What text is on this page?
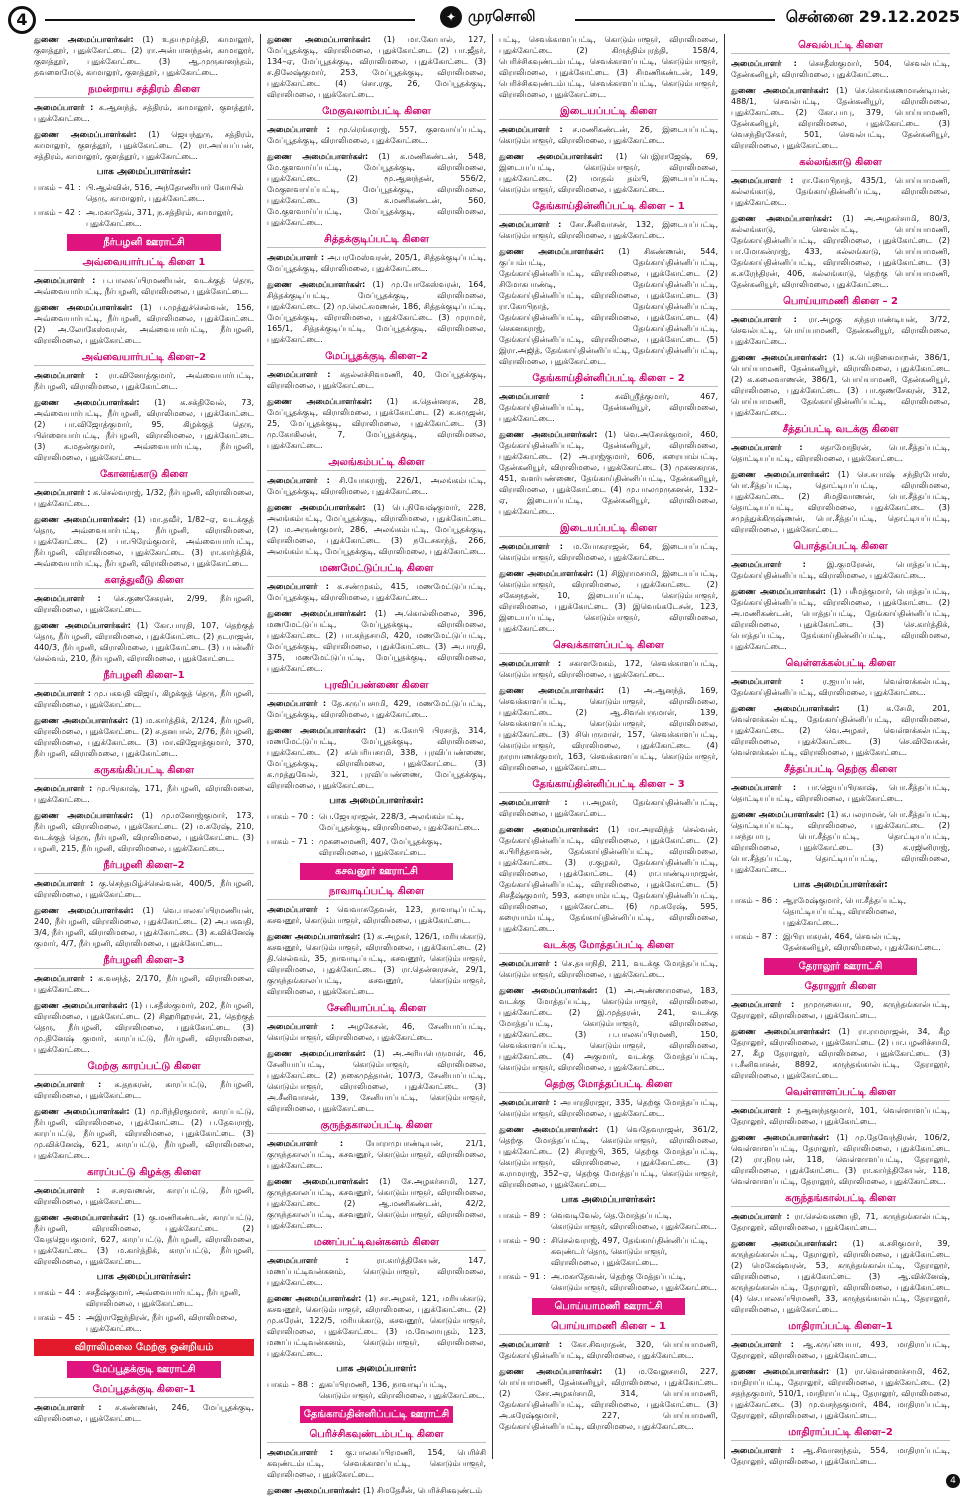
4	✦ முரசொலி	சென்னை 29.12.2025
துணை அமைப்பாளர்கள்: (1) உதயமூர்த்தி, காமாலூர், குளத்தூர், புதுக்கோட்டை (2) ரா.அன்பானந்தன், காமாலூர், குளத்தூர், புதுக்கோட்டை (3) ஆ.முருகானந்தம், தவளைமேடு, காமாலூர், குளத்தூர், புதுக்கோட்டை.
நமன்றாய சத்திரம் கிளை
அமைப்பாளர் : க.ஆனந்த், சத்திரம், காமாலூர், குளத்தூர், புதுக்கோட்டை.
துணை அமைப்பாளர்கள்: (1) ஜெயந்துரு, சத்திரம், காமாலூர், குளத்தூர், புதுக்கோட்டை (2) ரா.அய்யப்பன், சத்திரம், காமாலூர், குளத்தூர், புதுக்கோட்டை.
பாக அமைப்பாளர்கள்:
பாகம் – 41 : பி.ஆல்வின், 516, அந்தோணியார் கோயில் தெரு, காமாலூர், புதுக்கோட்டை.
பாகம் – 42 : அ.மகாதேவ், 371, ந.சத்திரம், காமாலூர், புதுக்கோட்டை.
நீர்பழனி ஊராட்சி
அவ்வையார்பட்டி கிளை 1
அமைப்பாளர் : ப.பாலசுப்பிரமணியன், வடக்குத் தெரு, அவ்வையார்பட்டி, நீர்பழனி, விராலிமலை, புதுக்கோட்டை.
துணை அமைப்பாளர்கள்: (1) ப.முத்துச்செல்வன், 156, அவ்வையார்பட்டி, நீர்பழனி, விராலிமலை, புதுக்கோட்டை (2) அ.லோகேஸ்வரன், அவ்வையார்பட்டி, நீர்பழனி, விராலிமலை, புதுக்கோட்டை.
அவ்வையார்பட்டி கிளை–2
அமைப்பாளர் : ரா.வினோத்குமார், அவ்வையார்பட்டி, நீர்பழனி, விராலிமலை, புதுக்கோட்டை.
துணை அமைப்பாளர்கள்: (1) க.சக்திவேல், 73, அவ்வையார்பட்டி, நீர்பழனி, விராலிமலை, புதுக்கோட்டை (2) பா.விஜோத்குமார், 95, கிழக்குத் தெரு, பிள்ளையார்பட்டி, நீர்பழனி, விராலிமலை, புதுக்கோட்டை (3) க.மதன்குமார், அவ்வையார்பட்டி, நீர்பழனி, விராலிமலை, புதுக்கோட்டை.
கோனங்காடு கிளை
அமைப்பாளர் : க.செல்வராஜ், 1/32, நீர்பழனி, விராலிமலை, புதுக்கோட்டை.
துணை அமைப்பாளர்கள்: (1) மா.தவீர், 1/82–ஏ, வடக்குத் தெரு, அவ்வையார்பட்டி, நீர்பழனி, விராலிமலை, புதுக்கோட்டை (2) பா.பிரேம்குமார், அவ்வையார்பட்டி, நீர்பழனி, விராலிமலை, புதுக்கோட்டை (3) ரா.கார்த்திக், அவ்வையார்பட்டி, நீர்பழனி, விராலிமலை, புதுக்கோட்டை.
களத்துவீடு கிளை
அமைப்பாளர் : செ.குணசேகரன், 2/99, நீர்பழனி, விராலிமலை, புதுக்கோட்டை.
துணை அமைப்பாளர்கள்: (1) கோ.பாரதி, 107, தெற்குத் தெரு, நீர்பழனி, விராலிமலை, புதுக்கோட்டை (2) நடராஜன், 440/3, நீர்பழனி, விராலிமலை, புதுக்கோட்டை (3) பபன்னீர் செல்வம், 210, நீர்பழனி, விராலிமலை, புதுக்கோட்டை.
நீர்பழனி கிளை–1
அமைப்பாளர் : மு.பகவதி விஜய், கிழக்குத் தெரு, நீர்பழனி, விராலிமலை, புதுக்கோட்டை.
துணை அமைப்பாளர்கள்: (1) ம.கார்த்திக், 2/124, நீர்பழனி, விராலிமலை, புதுக்கோட்டை (2) ச.தனபால், 2/76, நீர்பழனி, விராலிமலை, புதுக்கோட்டை (3) மா.விஜோத்குமார், 370, நீர்பழனி, விராலிமலை, புதுக்கோட்டை.
கருகங்கிப்பட்டி கிளை
அமைப்பாளர் : மு.பிரகாஷ், 171, நீர்பழனி, விராலிமலை, புதுக்கோட்டை.
துணை அமைப்பாளர்கள்: (1) மு.மனோஜ்குமார், 173, நீர்பழனி, விராலிமலை, புதுக்கோட்டை (2) ம.சுரேஷ், 210, வடக்குத் தெரு, நீர்பழனி, விராலிமலை, புதுக்கோட்டை (3) பழனி, 215, நீர்பழனி, விராலிமலை, புதுக்கோட்டை.
நீர்பழனி கிளை–2
அமைப்பாளர் : கு.செந்தமிழ்ச்செல்வன், 400/5, நீர்பழனி, விராலிமலை, புதுக்கோட்டை.
துணை அமைப்பாளர்கள்: (1) வெ.பாலசுப்பிரமணியன், 240, நீர்பழனி, விராலிமலை, புதுக்கோட்டை (2) அ.பகவதி, 3/4, நீர்பழனி, விராலிமலை, புதுக்கோட்டை (3) க.விக்னேஷ் குமார், 4/7, நீர்பழனி, விராலிமலை, புதுக்கோட்டை.
நீர்பழனி கிளை–3
அமைப்பாளர் : க.வசந்த், 2/170, நீர்பழனி, விராலிமலை, புதுக்கோட்டை.
துணை அமைப்பாளர்கள்: (1) ப.சதீஸ்குமார், 202, நீர்பழனி, விராலிமலை, புதுக்கோட்டை (2) சிஹரிஹரன், 21, தெற்குத் தெரு, நீர்பழனி, விராலிமலை, புதுக்கோட்டை (3) மு.தினேஷ் குமார், காரப்பட்டு, நீர்பழனி, விராலிமலை, புதுக்கோட்டை.
மேற்கு காரப்பட்டு கிளை
அமைப்பாளர் : க.தநகரன், காரப்பட்டு, நீர்பழனி, விராலிமலை, புதுக்கோட்டை.
துணை அமைப்பாளர்கள்: (1) மு.ரிந்திரகுமார், காரப்பட்டு, நீர்பழனி, விராலிமலை, புதுக்கோட்டை (2) ப.தேவராஜ், காரப்பட்டு, நீர்பழனி, விராலிமலை, புதுக்கோட்டை (3) மு.விக்னேஷ், 621, காரப்பட்டு, நீர்பழனி, விராலிமலை, புதுக்கோட்டை.
காரப்பட்டு கிழக்கு கிளை
அமைப்பாளர் : ச.சரவணன், காரப்பட்டு, நீர்பழனி, விராலிமலை, புதுக்கோட்டை.
துணை அமைப்பாளர்கள்: (1) கு.மணிகண்டன், காரப்பட்டு, நீர்பழனி, விராலிமலை, புதுக்கோட்டை (2) வேதஜெயகுமார், 627, காரப்பட்டு, நீர்பழனி, விராலிமலை, புதுக்கோட்டை (3) ம.கார்த்திக், காரப்பட்டு, நீர்பழனி, விராலிமலை, புதுக்கோட்டை.
பாக அமைப்பாளர்கள்:
பாகம் – 44 : சசதீஷ்குமார், அவ்வையார்பட்டி, நீர்பழனி, விராலிமலை, புதுக்கோட்டை.
பாகம் – 45 : அஇராஜேந்திரன், நீர்பழனி, விராலிமலை, புதுக்கோட்டை.
விராலிமலை மேற்கு ஒன்றியம்
மேப்பூதக்குடி ஊராட்சி
மேப்பூதக்குடி கிளை–1
அமைப்பாளர் : ச.கண்ணன், 246, மேப்பூதக்குடி, விராலிமலை, புதுக்கோட்டை.
துணை அமைப்பாளர்கள்: (1) மா.கோபால், 127, மேப்பூதக்குடி, விராலிமலை, புதுக்கோட்டை (2) பா.ஜீதர், 134–ஏ, மேப்பூதக்குடி, விராலிமலை, புதுக்கோட்டை (3) ச.திலேஷ்குமார், 253, மேப்பூதக்குடி, விராலிமலை, புதுக்கோட்டை (4) சொ.ரகு, 26, மேப்பூதக்குடி, விராலிமலை, புதுக்கோட்டை.
மேகுவலாம்பட்டி கிளை
அமைப்பாளர் : மூ.ரெங்கராஜ், 557, குளவாய்ப்பட்டி, மேப்பூதக்குடி, விராலிமலை, புதுக்கோட்டை.
துணை அமைப்பாளர்கள்: (1) க.மணிகண்டன், 548, மே.குளவாய்ப்பட்டி, மேப்பூதக்குடி, விராலிமலை, புதுக்கோட்டை (2) மூ.ஆனந்தன், 556/2, மேகுளவாய்ப்பட்டி, மேப்பூதக்குடி, விராலிமலை, புதுக்கோட்டை (3) க.மணிகண்டன், 560, மே.குளவாய்ப்பட்டி, மேப்பூதக்குடி, விராலிமலை, புதுக்கோட்டை.
சித்தக்குடிப்பட்டி கிளை
அமைப்பாளர் : அ.பரமேஸ்வரன், 205/1, சித்தக்குடிப்பட்டி, மேப்பூதக்குடி, விராலிமலை, புதுக்கோட்டை.
துணை அமைப்பாளர்கள்: (1) மு.யோகேஸ்வரன், 164, சித்தக்குடிப்பட்டி, மேப்பூதக்குடி, விராலிமலை, புதுக்கோட்டை (2) மு.லெட்சுமணன், 186, சித்தக்குடிப்பட்டி, மேப்பூதக்குடி, விராலிமலை, புதுக்கோட்டை (3) முராமர், 165/1, சித்தக்குடிப்பட்டி, மேப்பூதக்குடி, விராலிமலை, புதுக்கோட்டை.
மேப்பூதக்குடி கிளை–2
அமைப்பாளர் : கதல்லச்சிவமணி, 40, மேப்பூதக்குடி, விராலிமலை, புதுக்கோட்டை.
துணை அமைப்பாளர்கள்: (1) க.தென்னரசு, 28, மேப்பூதக்குடி, விராலிமலை, புதுக்கோட்டை (2) க.சுருஜன், 25, மேப்பூதக்குடி, விராலிமலை, புதுக்கோட்டை (3) மு.கோகிலன், 7, மேப்பூதக்குடி, விராலிமலை, புதுக்கோட்டை.
அலங்கம்பட்டி கிளை
அமைப்பாளர் : சி.யோகராஜ், 226/1, அலங்கம்பட்டி, மேப்பூதக்குடி, விராலிமலை, புதுக்கோட்டை.
துணை அமைப்பாளர்கள்: (1) பெ.நிவேஷ்குமார், 228, அலங்கம்பட்டி, மேப்பூதக்குடி, விராலிமலை, புதுக்கோட்டை (2) ம.அருண்குமார், 286, அலங்கம்பட்டி, மேப்பூதக்குடி, விராலிமலை, புதுக்கோட்டை (3) நடேசகாந்த், 266, அலங்கம்பட்டி, மேப்பூதக்குடி, விராலிமலை, புதுக்கோட்டை.
மணமேட்டுப்பட்டி கிளை
அமைப்பாளர் : க.சண்முகம், 415, மணமேட்டுப்பட்டி, மேப்பூதக்குடி, விராலிமலை, புதுக்கோட்டை.
துணை அமைப்பாளர்கள்: (1) அ.கொல்லிமலை, 396, மணமேட்டுப்பட்டி, மேப்பூதக்குடி, விராலிமலை, புதுக்கோட்டை (2) பா.கந்தசாமி, 420, மணமேட்டுப்பட்டி, மேப்பூதக்குடி, விராலிமலை, புதுக்கோட்டை (3) அ.பாரதி, 375, மணமேட்டுப்பட்டி, மேப்பூதக்குடி, விராலிமலை, புதுக்கோட்டை.
புரவிப்பண்ணை கிளை
அமைப்பாளர் : தே.கருப்பசாமி, 429, மணமேட்டுப்பட்டி, மேப்பூதக்குடி, விராலிமலை, புதுக்கோட்டை.
துணை அமைப்பாளர்கள்: (1) க.கோபி பிரசாத், 314, மணமேட்டுப்பட்டி, மேப்பூதக்குடி, விராலிமலை, புதுக்கோட்டை (2) சுபெரியசாமி, 338, புரவிப்பண்ணை, மேப்பூதக்குடி, விராலிமலை, புதுக்கோட்டை (3) க.முத்துவேல், 321, புரவிப்பண்ணை, மேப்பூதக்குடி, விராலிமலை, புதுக்கோட்டை.
பாக அமைப்பாளர்கள்:
பாகம் – 70 : பெ.ஜேயராஜன், 228/3, அலங்கம்பட்டி, மேப்பூதக்குடி, விராலிமலை, புதுக்கோட்டை.
பாகம் – 71 : முகலைமணி, 407, மேப்பூதக்குடி, விராலிமலை, புதுக்கோட்டை.
கசவனூர் ஊராட்சி
நாவாடிப்பட்டி கிளை
அமைப்பாளர் : வெவாசுதேவன், 123, நாவாடிப்பட்டி, கசவனூர், கொடும்பாளூர், விராலிமலை, புதுக்கோட்டை.
துணை அமைப்பாளர்கள்: (1) க.அழகர், 126/1, மரியக்காடு, கசவனூர், கொடும்பாளூர், விராலிமலை, புதுக்கோட்டை (2) தி.செல்வம், 35, நாவாடிப்பட்டி, கசவனூர், கொடும்பாளூர், விராலிமலை, புதுக்கோட்டை (3) ரா.தென்னரசன், 29/1, குருந்தங்காலப்பட்டி, கசவனூர், கொடும்பாளூர், விராலிமலை, புதுக்கோட்டை.
சேனியாப்பட்டி கிளை
அமைப்பாளர் : அழகேசன், 46, சேனியாப்பட்டி, கொடும்பாளூர், விராலிமலை, புதுக்கோட்டை.
துணை அமைப்பாளர்கள்: (1) அ.அரியபெருமாள், 46, சேனியாப்பட்டி, கொடும்பாளூர், விராலிமலை, புதுக்கோட்டை (2) நகைமுத்தான், 107/3, சேனியாப்பட்டி, கொடும்பாளூர், விராலிமலை, புதுக்கோட்டை (3) அ.சீனிவாசன், 139, சேனியாப்பட்டி, கொடும்பாளூர், விராலிமலை, புதுக்கோட்டை.
குருந்தகாலப்பட்டி கிளை
அமைப்பாளர் :	யோராமுபாண்டியன், 21/1, குருந்தகாலப்பட்டி, கசவனூர், கொடும்பாளூர், விராலிமலை, புதுக்கோட்டை.
துணை அமைப்பாளர்கள்: (1) சே.அழகர்சாமி, 127, குருந்தகாலப்பட்டி, கசவனூர், கொடும்பாளூர், விராலிமலை, புதுக்கோட்டை (2) ஆ.மணிகண்டன், 42/2, குருந்தகாலப்பட்டி, கசவனூர், கொடும்பாளூர், விராலிமலை, புதுக்கோட்டை.
மணப்பட்டிவன்கனம் கிளை
அமைப்பாளர் :	ரா.கார்த்திகேயன், 147, மணப்பட்டிவன்கனம், கொடும்பாளூர், விராலிமலை, புதுக்கோட்டை.
துணை அமைப்பாளர்கள்: (1) சா.அழகர், 121, மரியக்காடு, கசவனூர், கொடும்பாளூர், விராலிமலை, புதுக்கோட்டை (2) மு.சுரேன், 122/5, மரியக்காடு, கசவனூர், கொடும்பாளூர், விராலிமலை, புதுக்கோட்டை (3) ம.வேலாயுதம், 123, மணப்பட்டிவன்கனம், கொடும்பாளூர், விராலிமலை, புதுக்கோட்டை.
பாக அமைப்பாளர்:
பாகம் – 88 : துகப்பிரமணி, 136, நாவாடிப்பட்டி, கொடும்பாளூர், விராலிமலை, புதுக்கோட்டை.
தேங்காய்தின்னிப்பட்டி ஊராட்சி
பெரிச்சிகவுண்டம்பட்டி கிளை
அமைப்பாளர் : கு.பாலசுப்பிரமணி, 154, பெரிச்சி கவுண்டம்பட்டி, செவக்காளப்பட்டி, கொடும்பாளூர், விராலிமலை, புதுக்கோட்டை.
துணை அமைப்பாளர்கள்: (1) சிமதேசீன், பெரிச்சிகவுண்டம்
பட்டி, செவக்காளப்பட்டி, கொடும்பாளூர், விராலிமலை, புதுக்கோட்டை (2) கிருத்திம்புரத்தி, 158/4, பெரிச்சிகவுண்டம்பட்டி, செவக்காளப்பட்டி, கொடும்பாளூர், விராலிமலை, புதுக்கோட்டை (3) சிமணிகண்டன், 149, பெரிச்சிகவுண்டம்பட்டி, செவக்காளப்பட்டி, கொடும்பாளூர், விராலிமலை, புதுக்கோட்டை.
இடையப்பட்டி கிளை
அமைப்பாளர் : ச.மணிகண்டன், 26, இடையப்பட்டி, கொடும்பாளூர், விராலிமலை, புதுக்கோட்டை.
துணை அமைப்பாளர்கள்: (1) பெஇராஜேஷ், 69, இடையப்பட்டி, கொடும்பாளூர், விராலிமலை, புதுக்கோட்டை (2) மாதவ் தம்பி, இடையப்பட்டி, கொடும்பாளூர், விராலிமலை, புதுக்கோட்டை.
தேங்காய்தின்னிப்பட்டி கிளை – 1
அமைப்பாளர் : சோ.சீனிவாசன், 132, இடையப்பட்டி, கொடும்பாளூர், விராலிமலை, புதுக்கோட்டை.
துணை அமைப்பாளர்கள்: (1) சிகண்ணன், 544, குப்பம்பட்டி, தேங்காய்தின்னிப்பட்டி, தேங்காய்தின்னிப்பட்டி, விராலிமலை, புதுக்கோட்டை (2) சிமோகபாண்டி, தேங்காய்தின்னிப்பட்டி, தேங்காய்தின்னிப்பட்டி, விராலிமலை, புதுக்கோட்டை (3) ரா.கோபிநாத், தேங்காய்தின்னிப்பட்டி, தேங்காய்தின்னிப்பட்டி, விராலிமலை, புதுக்கோட்டை (4) செகனகராஜ், தேங்காய்தின்னிப்பட்டி, தேங்காய்தின்னிப்பட்டி, விராலிமலை, புதுக்கோட்டை (5) இரா.அஜித், தேங்காய்தின்னிப்பட்டி, தேங்காய்தின்னிப்பட்டி, விராலிமலை, புதுக்கோட்டை.
தேங்காய்தின்னிப்பட்டி கிளை – 2
அமைப்பாளர் :	சுவிஸ்ரீத்குமார், 467, தேங்காய்தின்னிப்பட்டி, தேன்கனியூர், விராலிமலை, புதுக்கோட்டை.
துணை அமைப்பாளர்கள்: (1) வெ.அசோக்குமார், 460, தேங்காய்தின்னிப்பட்டி, தேன்கனியூர், விராலிமலை, புதுக்கோட்டை (2) அ.ராஜ்குமார், 606, கரையாம்பட்டி, தேன்கனியூர், விராலிமலை, புதுக்கோட்டை (3) முகனகராசு, 451, வளர்பண்ணை, தேங்காய்தின்னிப்பட்டி, தேன்கனியூர், விராலிமலை, புதுக்கோட்டை (4) மு.பாலமுருகனன், 132–ஏ, இடையப்பட்டி, தேன்கனியூர், விராலிமலை, புதுக்கோட்டை.
இடையப்பட்டி கிளை
அமைப்பாளர் : ம.யோகராஜன், 64, இடையப்பட்டி, கொடும்பாளூர், விராலிமலை, புதுக்கோட்டை.
துணை அமைப்பாளர்கள்: (1) சிஇராமசாமி, இடையப்பட்டி, கொடும்பாளூர், விராலிமலை, புதுக்கோட்டை (2) சகேசநதன், 10, இடையப்பட்டி, கொடும்பாளூர், விராலிமலை, புதுக்கோட்டை (3) இவெங்கடேசன், 123, இடையப்பட்டி, கொடும்பாளூர், விராலிமலை, புதுக்கோட்டை.
செவக்காளப்பட்டி கிளை
அமைப்பாளர் : சகாளமேகம், 172, செவக்காளப்பட்டி, கொடும்பாளூர், விராலிமலை, புதுக்கோட்டை.
துணை அமைப்பாளர்கள்: (1) அ.ஆனந்த், 169, செவக்காளப்பட்டி, கொடும்பாளூர், விராலிமலை, புதுக்கோட்டை (2) ஆ.சிவபெருமாள், 139, செவக்காளப்பட்டி, கொடும்பாளூர், விராலிமலை, புதுக்கோட்டை (3) சிபெருமாள், 157, செவக்காளப்பட்டி, கொடும்பாளூர், விராலிமலை, புதுக்கோட்டை (4) நாராயணக்குமார், 163, செவக்காளப்பட்டி, கொடும்பாளூர், விராலிமலை, புதுக்கோட்டை.
தேங்காய்தின்னிப்பட்டி கிளை – 3
அமைப்பாளர் : ப.அழகர், தேங்காய்தின்னிப்பட்டி, விராலிமலை, புதுக்கோட்டை.
துணை அமைப்பாளர்கள்: (1) மா.அரவிந்த் செல்வன், தேங்காய்தின்னிப்பட்டி, விராலிமலை, புதுக்கோட்டை (2) க.பிரித்தாவன், தேங்காய்தின்னிப்பட்டி, விராலிமலை, புதுக்கோட்டை (3) ர.குழகர், தேங்காய்தின்னிப்பட்டி, விராலிமலை, புதுக்கோட்டை (4) ரா.பாண்டியராஜன், தேங்காய்தின்னிப்பட்டி, விராலிமலை, புதுக்கோட்டை (5) சிசதீஷ்குமார், 593, கரையாம்பட்டி, தேங்காய்தின்னிப்பட்டி, விராலிமலை, புதுக்கோட்டை (6) மு.சுரேஷ், 595, கரையாம்பட்டி, தேங்காய்தின்னிப்பட்டி, விராலிமலை, புதுக்கோட்டை.
வடக்கு மோத்தப்பட்டி கிளை
அமைப்பாளர் : செ.தயாநிதி, 211, வடக்கு மோத்தப்பட்டி, கொடும்பாளூர், விராலிமலை, புதுக்கோட்டை.
துணை அமைப்பாளர்கள்: (1) அ.அண்ணாமலை, 183, வடக்கு மோத்தப்பட்டி, கொடும்பாளூர், விராலிமலை, புதுக்கோட்டை (2) இ.முத்தரன், 241, வடக்கு மோத்தப்பட்டி, கொடும்பாளூர், விராலிமலை, புதுக்கோட்டை (3) ப.பாலசுப்பிரமணி, 150, செவக்காளப்பட்டி, கொடும்பாளூர், விராலிமலை, புதுக்கோட்டை (4) அகுமார், வடக்கு மோத்தப்பட்டி, கொடும்பாளூர், விராலிமலை, புதுக்கோட்டை.
தெற்கு மோத்தப்பட்டி கிளை
அமைப்பாளர் : அபாரதிராஜா, 335, தெற்கு மோத்தப்பட்டி, கொடும்பாளூர், விராலிமலை, புதுக்கோட்டை.
துணை அமைப்பாளர்கள்: (1) வெதேவராஜன், 361/2, தெற்கு மோத்தப்பட்டி, கொடும்பாளூர், விராலிமலை, புதுக்கோட்டை (2) சிராஜ்பி, 365, தெற்கு மோத்தப்பட்டி, கொடும்பாளூர், விராலிமலை, புதுக்கோட்டை (3) க.ராமராஜ், 352–ஏ, தெற்கு மோத்தப்பட்டி, கொடும்பாளூர், விராலிமலை, புதுக்கோட்டை.
பாக அமைப்பாளர்கள்:
பாகம் – 89 : வெவடிவேல், தெ.மோத்தப்பட்டி, கொடும்பாளூர், விராலிமலை, புதுக்கோட்டை.
பாகம் – 90 : சிசெல்வராஜ், 497, தேங்காய்தின்னிப்பட்டி, கவுண்டர் தெரு, கொடும்பாளூர், விராலிமலை, புதுக்கோட்டை.
பாகம் – 91 : அ.மகாதேவன், தெற்கு மேத்தப்பட்டி, கொடும்பாளூர், விராலிமலை, புதுக்கோட்டை.
பொய்யாமணி ஊராட்சி
பொய்யாமணி கிளை – 1
அமைப்பாளர் : கோ.சிவராதன், 320, பொய்யாமணி, தேங்காய்தின்னிப்பட்டி, விராலிமலை, புதுக்கோட்டை.
துணை அமைப்பாளர்கள்: (1) ம.வேலுசாமி, 227, பொய்யாமணி, தேன்கனியூர், விராலிமலை, புதுக்கோட்டை (2) சோ.அழகர்சாமி, 314, பொய்யாமணி, தேங்காய்தின்னிப்பட்டி, விராலிமலை, புதுக்கோட்டை (3) அ.சுரேஷ்குமார், 227, பொய்யாமணி, தேங்காய்தின்னிப்பட்டி, விராலிமலை, புதுக்கோட்டை.
செவல்பட்டி கிளை
அமைப்பாளர் : செசதீஸ்குமார், 504, செவல்பட்டி, தேன்கனியூர், விராலிமலை, புதுக்கோட்டை.
துணை அமைப்பாளர்கள்: (1) செ.கொங்கணமாண்டியன், 488/1, செவல்பட்டி, தேன்கனியூர், விராலிமலை, புதுக்கோட்டை (2) கோ.பாபு, 379, பொய்யாமணி, தேன்கனியூர், விராலிமலை, புதுக்கோட்டை (3) வெசந்திரசேகர், 501, செவல்பட்டி, தேன்கனியூர், விராலிமலை, புதுக்கோட்டை.
கல்லங்காடு கிளை
அமைப்பாளர் : ரா.கோபிநாத், 435/1, பொய்யாமணி, கல்லங்காடு, தேங்காய்தின்னிப்பட்டி, விராலிமலை, புதுக்கோட்டை.
துணை அமைப்பாளர்கள்: (1) அ.அழகர்சாமி, 80/3, கல்லங்காடு, செவல்பட்டி, பொய்யாமணி, தேங்காய்தின்னிப்பட்டி, விராலிமலை, புதுக்கோட்டை (2) பா.மோகன்ராஜ், 433, கல்லங்காடு, பொய்யாமணி, தேங்காய்தின்னிப்பட்டி, விராலிமலை, புதுக்கோட்டை (3) க.சுரேந்திரன், 406, கல்லங்காடு, தெற்கு பொய்யாமணி, தேன்கனியூர், விராலிமலை, புதுக்கோட்டை.
பொய்யாமணி கிளை – 2
அமைப்பாளர் : ரா.அழகு சுந்தரபாண்டியன், 3/72, செவல்பட்டி, பொய்யாமணி, தேன்கனியூர், விராலிமலை, புதுக்கோட்டை.
துணை அமைப்பாளர்கள்: (1) க.பொதிகைமாறன், 386/1, பொய்யாமணி, தேன்கனியூர், விராலிமலை, புதுக்கோட்டை (2) க.கலைவாணன், 386/1, பொய்யாமணி, தேன்கனியூர், விராலிமலை, புதுக்கோட்டை (3) பா.குணசேகரன், 312, பொய்யாமணி, தேங்காய்தின்னிப்பட்டி, விராலிமலை, புதுக்கோட்டை.
சீத்தப்பட்டி வடக்கு கிளை
அமைப்பாளர் : சதாமோதிரன், பொ.சீத்தப்பட்டி, தொட்டியப்பட்டி, விராலிமலை, புதுக்கோட்டை.
துணை அமைப்பாளர்கள்: (1) செ.சுபாஷ் சந்திரபோஸ், பொ.சீத்தப்பட்டி, தொட்டியப்பட்டி, விராலிமலை, புதுக்கோட்டை (2) சிமதிவாணன், பொ.சீத்தப்பட்டி, தொட்டியப்பட்டி, விராலிமலை, புதுக்கோட்டை (3) சமுத்துக்கிருஷ்ணன், பொ.சீத்தப்பட்டி, தொட்டியப்பட்டி, விராலிமலை, புதுக்கோட்டை.
பொத்தப்பட்டி கிளை
அமைப்பாளர் :	இ.குமரேசன், பொத்தப்பட்டி, தேங்காய்தின்னிப்பட்டி, விராலிமலை, புதுக்கோட்டை.
துணை அமைப்பாளர்கள்: (1) பசீமத்குமார், பொத்தப்பட்டி, தேங்காய்தின்னிப்பட்டி, விராலிமலை, புதுக்கோட்டை (2) அ.மணிகண்டன், பொத்தப்பட்டி, தேங்காய்தின்னிப்பட்டி, விராலிமலை, புதுக்கோட்டை (3) செ.கார்த்திக், பொத்தப்பட்டி, தேங்காய்தின்னிப்பட்டி, விராலிமலை, புதுக்கோட்டை.
வெள்ளக்கல்பட்டி கிளை
அமைப்பாளர் : ர.ஐயப்பன், வெள்ளக்கல்பட்டி, தேங்காய்தின்னிப்பட்டி, விராலிமலை, புதுக்கோட்டை.
துணை அமைப்பாளர்கள்: (1) க.சேமி, 201, வெள்ளக்கல்பட்டி, தேங்காய்தின்னிப்பட்டி, விராலிமலை, புதுக்கோட்டை (2) வெ.அழகர், வெள்ளக்கல்பட்டி, விராலிமலை, புதுக்கோட்டை (3) செ.விவேகன், வெள்ளக்கல்பட்டி, விராலிமலை, புதுக்கோட்டை.
சீத்தப்பட்டி தெற்கு கிளை
அமைப்பாளர் : பா.ஜெயப்பிரகாஷ், பொ.சீத்தப்பட்டி, தொட்டியப்பட்டி, விராலிமலை, புதுக்கோட்டை.
துணை அமைப்பாளர்கள்: (1) க.பலராமன், பொ.சீத்தப்பட்டி, தொட்டியப்பட்டி, விராலிமலை, புதுக்கோட்டை (2) பசந்தபாபு, பொ.சீத்தப்பட்டி, தொட்டியப்பட்டி, விராலிமலை, புதுக்கோட்டை (3) க.ரஜினிராஜ், பொ.சீத்தப்பட்டி, தொட்டியப்பட்டி, விராலிமலை, புதுக்கோட்டை.
பாக அமைப்பாளர்கள்:
பாகம் – 86 : ஆரமேஷ்குமார், பொ.சீத்தப்பட்டி, தொட்டியப்பட்டி, விராலிமலை, புதுக்கோட்டை.
பாகம் – 87 : இபிரபாகரன், 464, செவல்பட்டி, தேன்கனியூர், விராலிமலை, புதுக்கோட்டை.
தேராலூர் ஊராட்சி
தேராலூர் கிளை
அமைப்பாளர் : நமுருகையா, 90, கருந்தங்கால்பட்டி, தேராலூர், விராலிமலை, புதுக்கோட்டை.
துணை அமைப்பாளர்கள்: (1) ரா.ராமராஜன், 34, கீழ தேராலூர், விராலிமலை, புதுக்கோட்டை (2) பா.பழனிச்சாமி, 27, கீழ தேராலூர், விராலிமலை, புதுக்கோட்டை (3) ப.சீனிவாசன், 8892, கருந்தங்கால்பட்டி, தேராலூர், விராலிமலை, புதுக்கோட்டை.
வெள்ளாளப்பட்டி கிளை
அமைப்பாளர் : நஆனந்தகுமார், 101, வெள்ளாளப்பட்டி, தேராலூர், விராலிமலை, புதுக்கோட்டை.
துணை அமைப்பாளர்கள்: (1) மு.தேவேந்திரன், 106/2, வெள்ளாளப்பட்டி, தேராலூர், விராலிமலை, புதுக்கோட்டை (2) ரா.நிருபன், 118, வெள்ளாளப்பட்டி, தேராலூர், விராலிமலை, புதுக்கோட்டை (3) ரா.கார்த்திகேயன், 118, வெள்ளாளப்பட்டி, தேராலூர், விராலிமலை, புதுக்கோட்டை.
கருந்தங்கால்பட்டி கிளை
அமைப்பாளர் : ரா.செல்வகணபதி, 71, கருந்தங்கால்பட்டி, தேராலூர், விராலிமலை, புதுக்கோட்டை.
துணை அமைப்பாளர்கள்: (1) க.சசிகுமார், 39, கருந்தங்கால்பட்டி, தேராலூர், விராலிமலை, புதுக்கோட்டை (2) மெகேஷ்வரன், 53, கருந்தங்கால்பட்டி, தேராலூர், விராலிமலை, புதுக்கோட்டை (3) ஆ.விக்னேஷ், கருந்தங்கால்பட்டி, தேராலூர், விராலிமலை, புதுக்கோட்டை (4) செ.பாலசுப்பிரமணி, 33, கருந்தங்கால்பட்டி, தேராலூர், விராலிமலை, புதுக்கோட்டை.
மாதிராப்பட்டி கிளை–1
அமைப்பாளர் : ஆ.கருப்பையா, 493, மாதிராப்பட்டி, தேராலூர், விராலிமலை, புதுக்கோட்டை.
துணை அமைப்பாளர்கள்: (1) ரா.வெள்ளைச்சாமி, 462, மாதிராப்பட்டி, தேராலூர், விராலிமலை, புதுக்கோட்டை (2) சதந்தகுமார், 510/1, மாதிராப்பட்டி, தேராலூர், விராலிமலை, புதுக்கோட்டை (3) மு.வசந்தகுமார், 484, மாதிராப்பட்டி, தேராலூர், விராலிமலை, புதுக்கோட்டை.
மாதிராப்பட்டி கிளை–2
அமைப்பாளர் : ஆ.சிவானந்தம், 554, மாதிராப்பட்டி, தேராலூர், விராலிமலை, புதுக்கோட்டை.
4
